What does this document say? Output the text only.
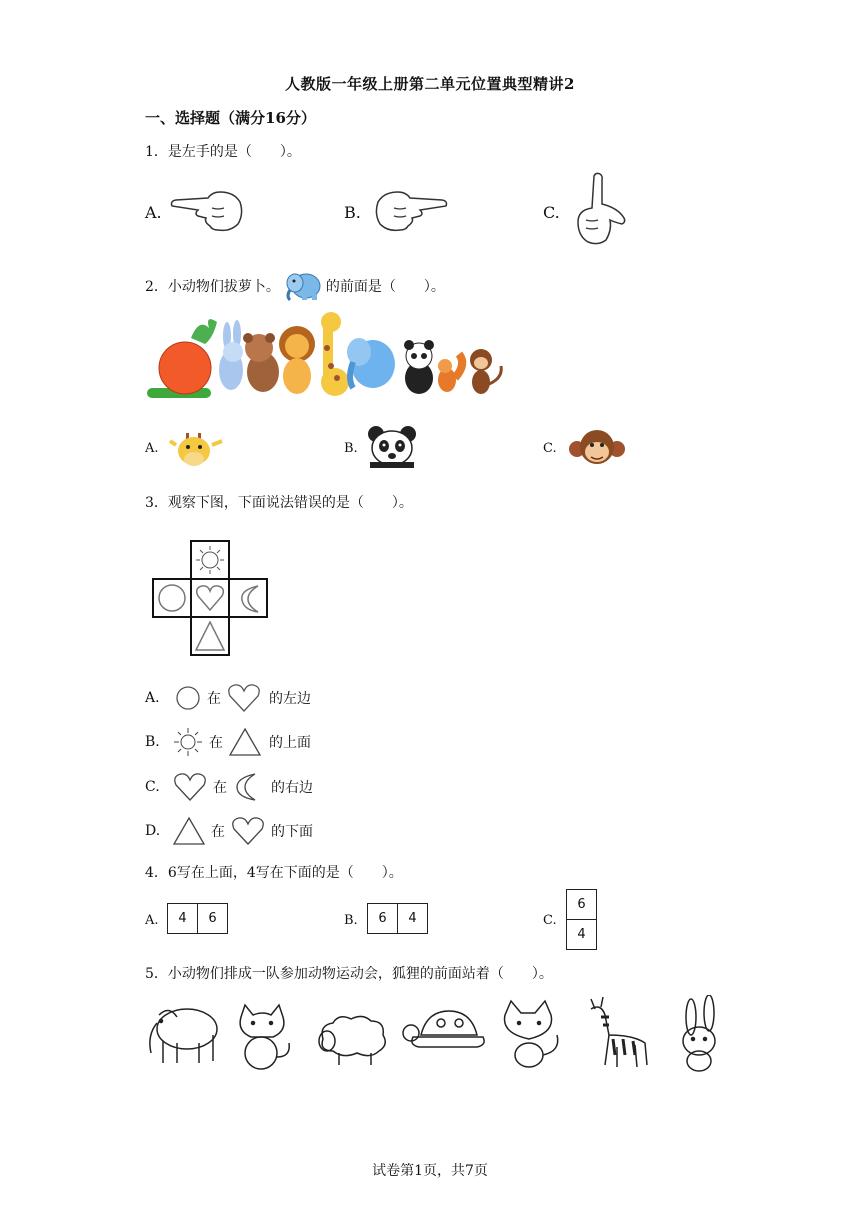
人教版一年级上册第二单元位置典型精讲2
一、选择题（满分16分）
1．是左手的是（　　）。
A.	B.	C.
2．小动物们拔萝卜。	的前面是（　　）。
A.	B.	C.
3．观察下图，下面说法错误的是（　　）。
A.	在	的左边
B.	在	的上面
C.	在	的右边
D.	在	的下面
4．6写在上面，4写在下面的是（　　）。
A.	4	6	B.	6	4	C.
6
4
5．小动物们排成一队参加动物运动会，狐狸的前面站着（　　）。
试卷第1页，共7页
